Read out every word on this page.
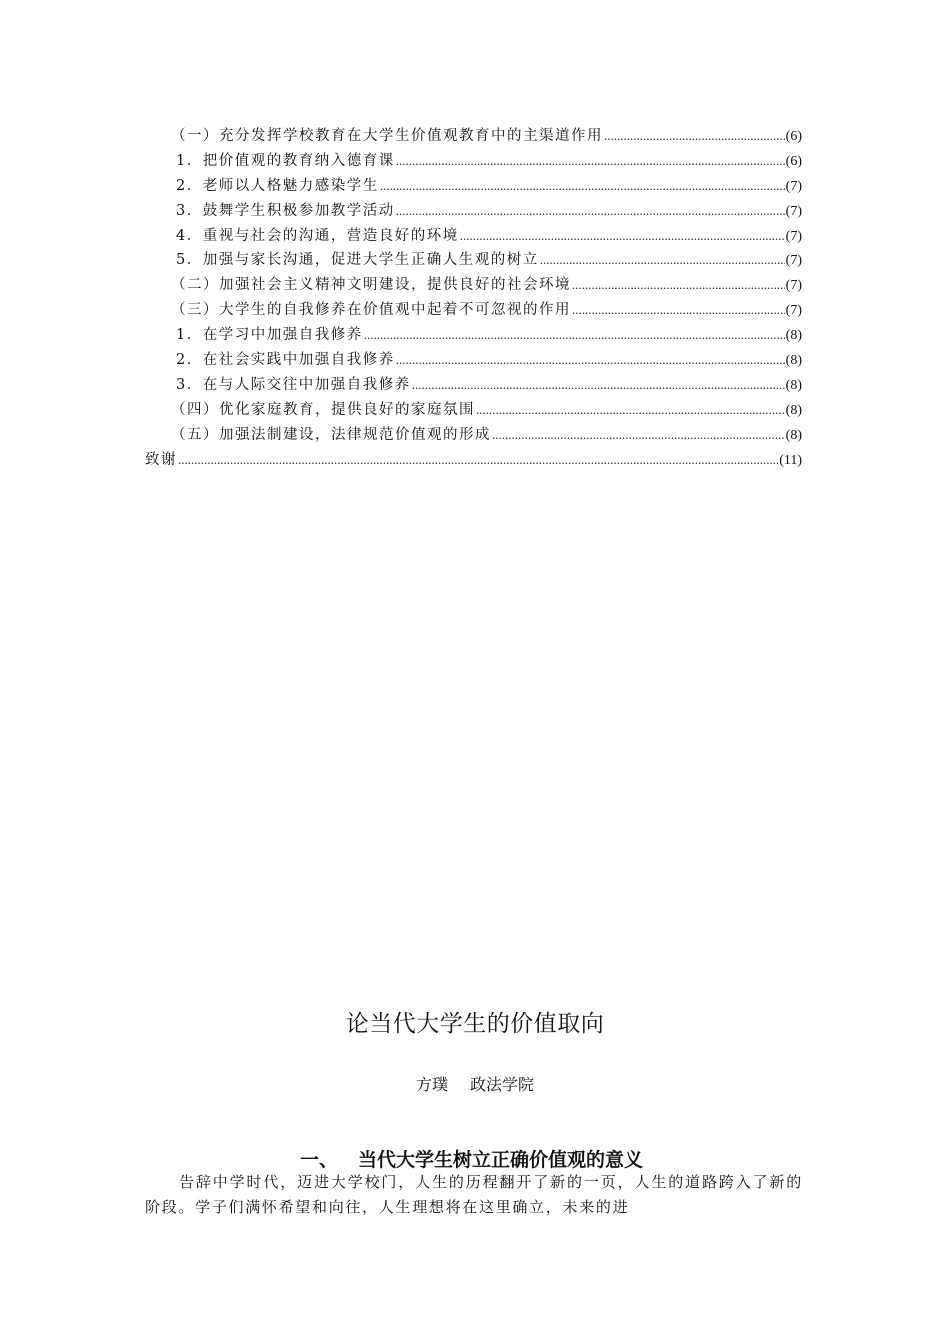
（一）充分发挥学校教育在大学生价值观教育中的主渠道作用 .....	(6)
1．把价值观的教育纳入德育课 .....	(6)
2．老师以人格魅力感染学生 .....	(7)
3．鼓舞学生积极参加教学活动 .....	(7)
4．重视与社会的沟通，营造良好的环境 .....	(7)
5．加强与家长沟通，促进大学生正确人生观的树立 .....	(7)
（二）加强社会主义精神文明建设，提供良好的社会环境 .....	(7)
（三）大学生的自我修养在价值观中起着不可忽视的作用 .....	(7)
1．在学习中加强自我修养 .....	(8)
2．在社会实践中加强自我修养 .....	(8)
3．在与人际交往中加强自我修养 .....	(8)
（四）优化家庭教育，提供良好的家庭氛围 .....	(8)
（五）加强法制建设，法律规范价值观的形成 .....	(8)
致谢 .....	(11)
论当代大学生的价值取向
方璞 政法学院
一、 当代大学生树立正确价值观的意义

告辞中学时代，迈进大学校门，人生的历程翻开了新的一页，人生的道路跨入了新的阶段。学子们满怀希望和向往，人生理想将在这里确立，未来的进
